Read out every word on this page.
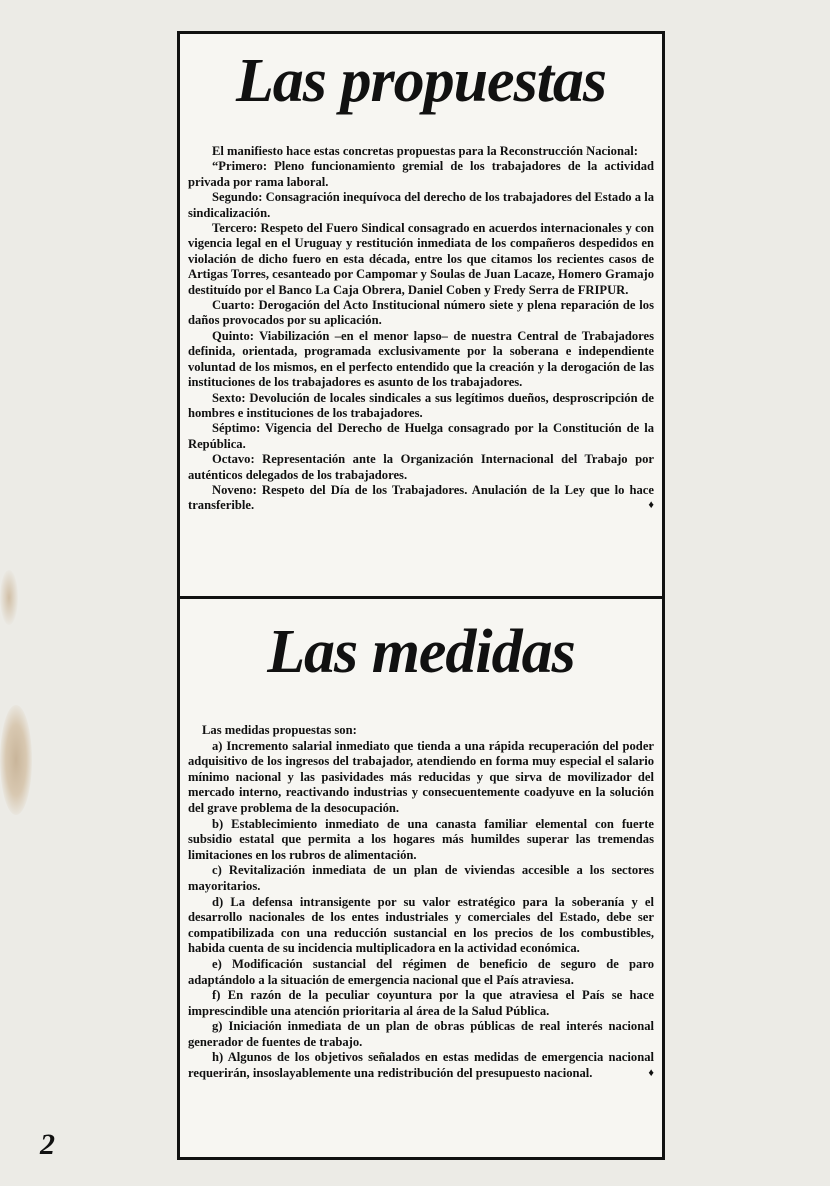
Las propuestas

El manifiesto hace estas concretas propuestas para la Reconstrucción Nacional:

“Primero: Pleno funcionamiento gremial de los trabajadores de la actividad privada por rama laboral.

Segundo: Consagración inequívoca del derecho de los trabajadores del Estado a la sindicalización.

Tercero: Respeto del Fuero Sindical consagrado en acuerdos internacionales y con vigencia legal en el Uruguay y restitución inmediata de los compañeros despedidos en violación de dicho fuero en esta década, entre los que citamos los recientes casos de Artigas Torres, cesanteado por Campomar y Soulas de Juan Lacaze, Homero Gramajo destituído por el Banco La Caja Obrera, Daniel Coben y Fredy Serra de FRIPUR.

Cuarto: Derogación del Acto Institucional número siete y plena reparación de los daños provocados por su aplicación.

Quinto: Viabilización –en el menor lapso– de nuestra Central de Trabajadores definida, orientada, programada exclusivamente por la soberana e independiente voluntad de los mismos, en el perfecto entendido que la creación y la derogación de las instituciones de los trabajadores es asunto de los trabajadores.

Sexto: Devolución de locales sindicales a sus legítimos dueños, desproscripción de hombres e instituciones de los trabajadores.

Séptimo: Vigencia del Derecho de Huelga consagrado por la Constitución de la República.

Octavo: Representación ante la Organización Internacional del Trabajo por auténticos delegados de los trabajadores.

Noveno: Respeto del Día de los Trabajadores. Anulación de la Ley que lo hace transferible.	♦

Las medidas

Las medidas propuestas son:

a) Incremento salarial inmediato que tienda a una rápida recuperación del poder adquisitivo de los ingresos del trabajador, atendiendo en forma muy especial el salario mínimo nacional y las pasividades más reducidas y que sirva de movilizador del mercado interno, reactivando industrias y consecuentemente coadyuve en la solución del grave problema de la desocupación.

b) Establecimiento inmediato de una canasta familiar elemental con fuerte subsidio estatal que permita a los hogares más humildes superar las tremendas limitaciones en los rubros de alimentación.

c) Revitalización inmediata de un plan de viviendas accesible a los sectores mayoritarios.

d) La defensa intransigente por su valor estratégico para la soberanía y el desarrollo nacionales de los entes industriales y comerciales del Estado, debe ser compatibilizada con una reducción sustancial en los precios de los combustibles, habida cuenta de su incidencia multiplicadora en la actividad económica.

e) Modificación sustancial del régimen de beneficio de seguro de paro adaptándolo a la situación de emergencia nacional que el País atraviesa.

f) En razón de la peculiar coyuntura por la que atraviesa el País se hace imprescindible una atención prioritaria al área de la Salud Pública.

g) Iniciación inmediata de un plan de obras públicas de real interés nacional generador de fuentes de trabajo.

h) Algunos de los objetivos señalados en estas medidas de emergencia nacional requerirán, insoslayablemente una redistribución del presupuesto nacional.	♦

2
